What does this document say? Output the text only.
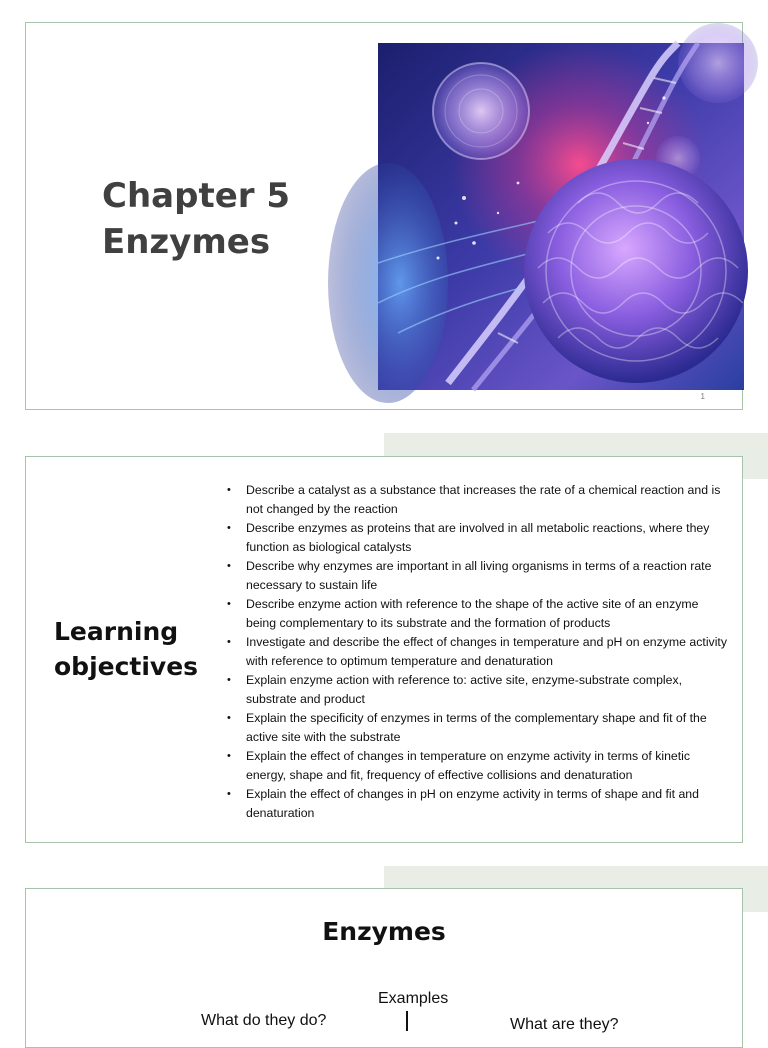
Chapter 5
Enzymes
1
Learning
objectives
• Describe a catalyst as a substance that increases the rate of a chemical reaction and is not changed by the reaction
• Describe enzymes as proteins that are involved in all metabolic reactions, where they function as biological catalysts
• Describe why enzymes are important in all living organisms in terms of a reaction rate necessary to sustain life
• Describe enzyme action with reference to the shape of the active site of an enzyme being complementary to its substrate and the formation of products
• Investigate and describe the effect of changes in temperature and pH on enzyme activity with reference to optimum temperature and denaturation
• Explain enzyme action with reference to: active site, enzyme-substrate complex, substrate and product
• Explain the specificity of enzymes in terms of the complementary shape and fit of the active site with the substrate
• Explain the effect of changes in temperature on enzyme activity in terms of kinetic energy, shape and fit, frequency of effective collisions and denaturation
• Explain the effect of changes in pH on enzyme activity in terms of shape and fit and denaturation
Enzymes
Examples
What do they do?	What are they?
